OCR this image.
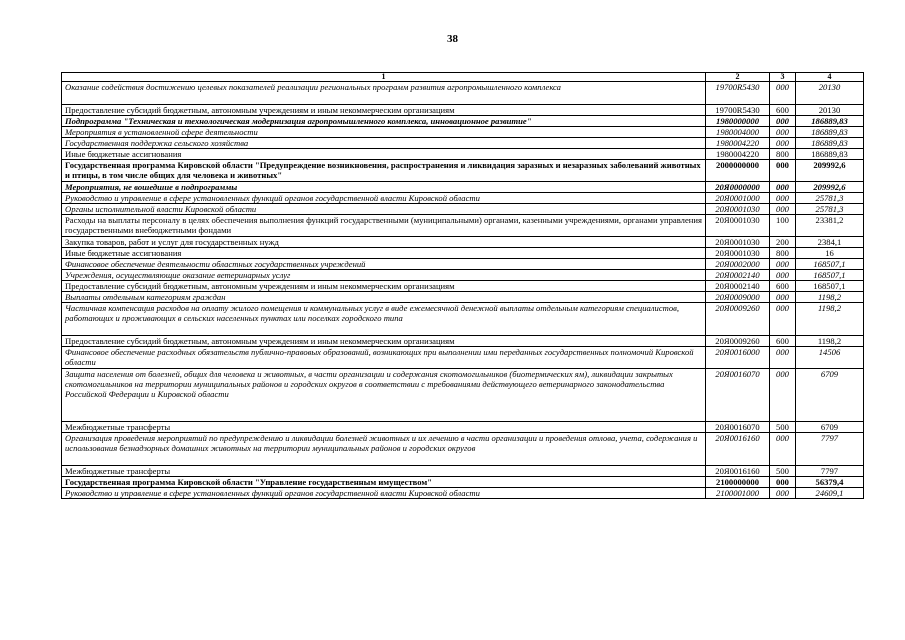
38
1	2	3	4
Оказание содействия достижению целевых показателей реализации региональных программ развития агропромышленного комплекса	19700R5430	000	20130
Предоставление субсидий бюджетным, автономным учреждениям и иным некоммерческим организациям	19700R5430	600	20130
Подпрограмма "Техническая и технологическая модернизация агропромышленного комплекса, инновационное развитие"	1980000000	000	186889,83
Мероприятия в установленной сфере деятельности	1980004000	000	186889,83
Государственная поддержка сельского хозяйства	1980004220	000	186889,83
Иные бюджетные ассигнования	1980004220	800	186889,83
Государственная программа Кировской области "Предупреждение возникновения, распространения и ликвидация заразных и незаразных заболеваний животных и птицы, в том числе общих для человека и животных"	2000000000	000	209992,6
Мероприятия, не вошедшие в подпрограммы	20Я0000000	000	209992,6
Руководство и управление в сфере установленных функций органов государственной власти Кировской области	20Я0001000	000	25781,3
Органы исполнительной власти Кировской области	20Я0001030	000	25781,3
Расходы на выплаты персоналу в целях обеспечения выполнения функций государственными (муниципальными) органами, казенными учреждениями, органами управления государственными внебюджетными фондами	20Я0001030	100	23381,2
Закупка товаров, работ и услуг для государственных нужд	20Я0001030	200	2384,1
Иные бюджетные ассигнования	20Я0001030	800	16
Финансовое обеспечение деятельности областных государственных учреждений	20Я0002000	000	168507,1
Учреждения, осуществляющие оказание ветеринарных услуг	20Я0002140	000	168507,1
Предоставление субсидий бюджетным, автономным учреждениям и иным некоммерческим организациям	20Я0002140	600	168507,1
Выплаты отдельным категориям граждан	20Я0009000	000	1198,2
Частичная компенсация расходов на оплату жилого помещения и коммунальных услуг в виде ежемесячной денежной выплаты отдельным категориям специалистов, работающих и проживающих в сельских населенных пунктах или поселках городского типа	20Я0009260	000	1198,2
Предоставление субсидий бюджетным, автономным учреждениям и иным некоммерческим организациям	20Я0009260	600	1198,2
Финансовое обеспечение расходных обязательств публично-правовых образований, возникающих при выполнении ими переданных государственных полномочий Кировской области	20Я0016000	000	14506
Защита населения от болезней, общих для человека и животных, в части организации и содержания скотомогильников (биотермических ям), ликвидации закрытых скотомогильников на территории муниципальных районов и городских округов в соответствии с требованиями действующего ветеринарного законодательства Российской Федерации и Кировской области	20Я0016070	000	6709
Межбюджетные трансферты	20Я0016070	500	6709
Организация проведения мероприятий по предупреждению и ликвидации болезней животных и их лечению в части организации и проведения отлова, учета, содержания и использования безнадзорных домашних животных на территории муниципальных районов и городских округов	20Я0016160	000	7797
Межбюджетные трансферты	20Я0016160	500	7797
Государственная программа Кировской области "Управление государственным имуществом"	2100000000	000	56379,4
Руководство и управление в сфере установленных функций органов государственной власти Кировской области	2100001000	000	24609,1
